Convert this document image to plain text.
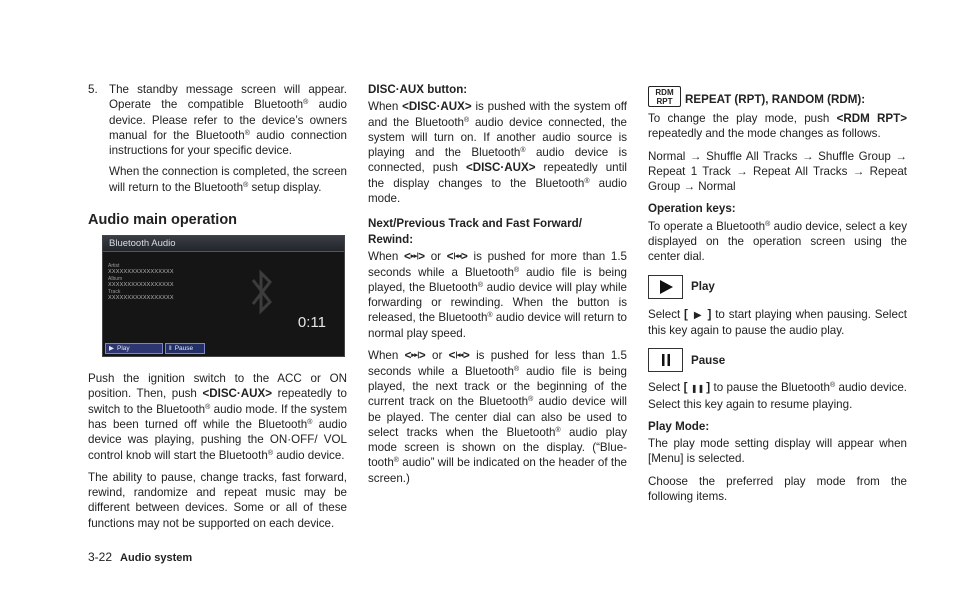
5. The standby message screen will appear. Operate the compatible Bluetooth® audio device. Please refer to the device’s owners manual for the Bluetooth® audio connection instructions for your specific device.

When the connection is completed, the screen will return to the Bluetooth® setup display.

Audio main operation
Bluetooth Audio
Artist
XXXXXXXXXXXXXXXXX
Album
XXXXXXXXXXXXXXXXX
Track
XXXXXXXXXXXXXXXXX
0:11
▶ Play	‖ Pause

Push the ignition switch to the ACC or ON position. Then, push <DISC·AUX> repeatedly to switch to the Bluetooth® audio mode. If the system has been turned off while the Bluetooth® audio device was playing, pushing the ON·OFF/ VOL control knob will start the Bluetooth® audio device.

The ability to pause, change tracks, fast forward, rewind, randomize and repeat music may be different between devices. Some or all of these functions may not be supported on each device.

DISC·AUX button:

When <DISC·AUX> is pushed with the system off and the Bluetooth® audio device connected, the system will turn on. If another audio source is playing and the Bluetooth® audio device is connected, push <DISC·AUX> repeatedly until the display changes to the Bluetooth® audio mode.

Next/Previous Track and Fast Forward/ Rewind:

When <▸▸|> or <|◂◂> is pushed for more than 1.5 seconds while a Bluetooth® audio file is being played, the Bluetooth® audio device will play while forwarding or rewinding. When the button is released, the Bluetooth® audio device will return to normal play speed.

When <▸▸|> or <|◂◂> is pushed for less than 1.5 seconds while a Bluetooth® audio file is being played, the next track or the beginning of the current track on the Bluetooth® audio device will be played. The center dial can also be used to select tracks when the Bluetooth® audio play mode screen is shown on the display. (“Blue- tooth® audio” will be indicated on the header of the screen.)

RDM
RPT	REPEAT (RPT), RANDOM (RDM):

To change the play mode, push <RDM RPT> repeatedly and the mode changes as follows.

Normal → Shuffle All Tracks → Shuffle Group → Repeat 1 Track → Repeat All Tracks → Repeat Group → Normal

Operation keys:

To operate a Bluetooth® audio device, select a key displayed on the operation screen using the center dial.

Play

Select [ ▶ ] to start playing when pausing. Select this key again to pause the audio play.

Pause

Select [ ❚❚ ] to pause the Bluetooth® audio device. Select this key again to resume playing.

Play Mode:

The play mode setting display will appear when [Menu] is selected.

Choose the preferred play mode from the following items.

3-22 Audio system
